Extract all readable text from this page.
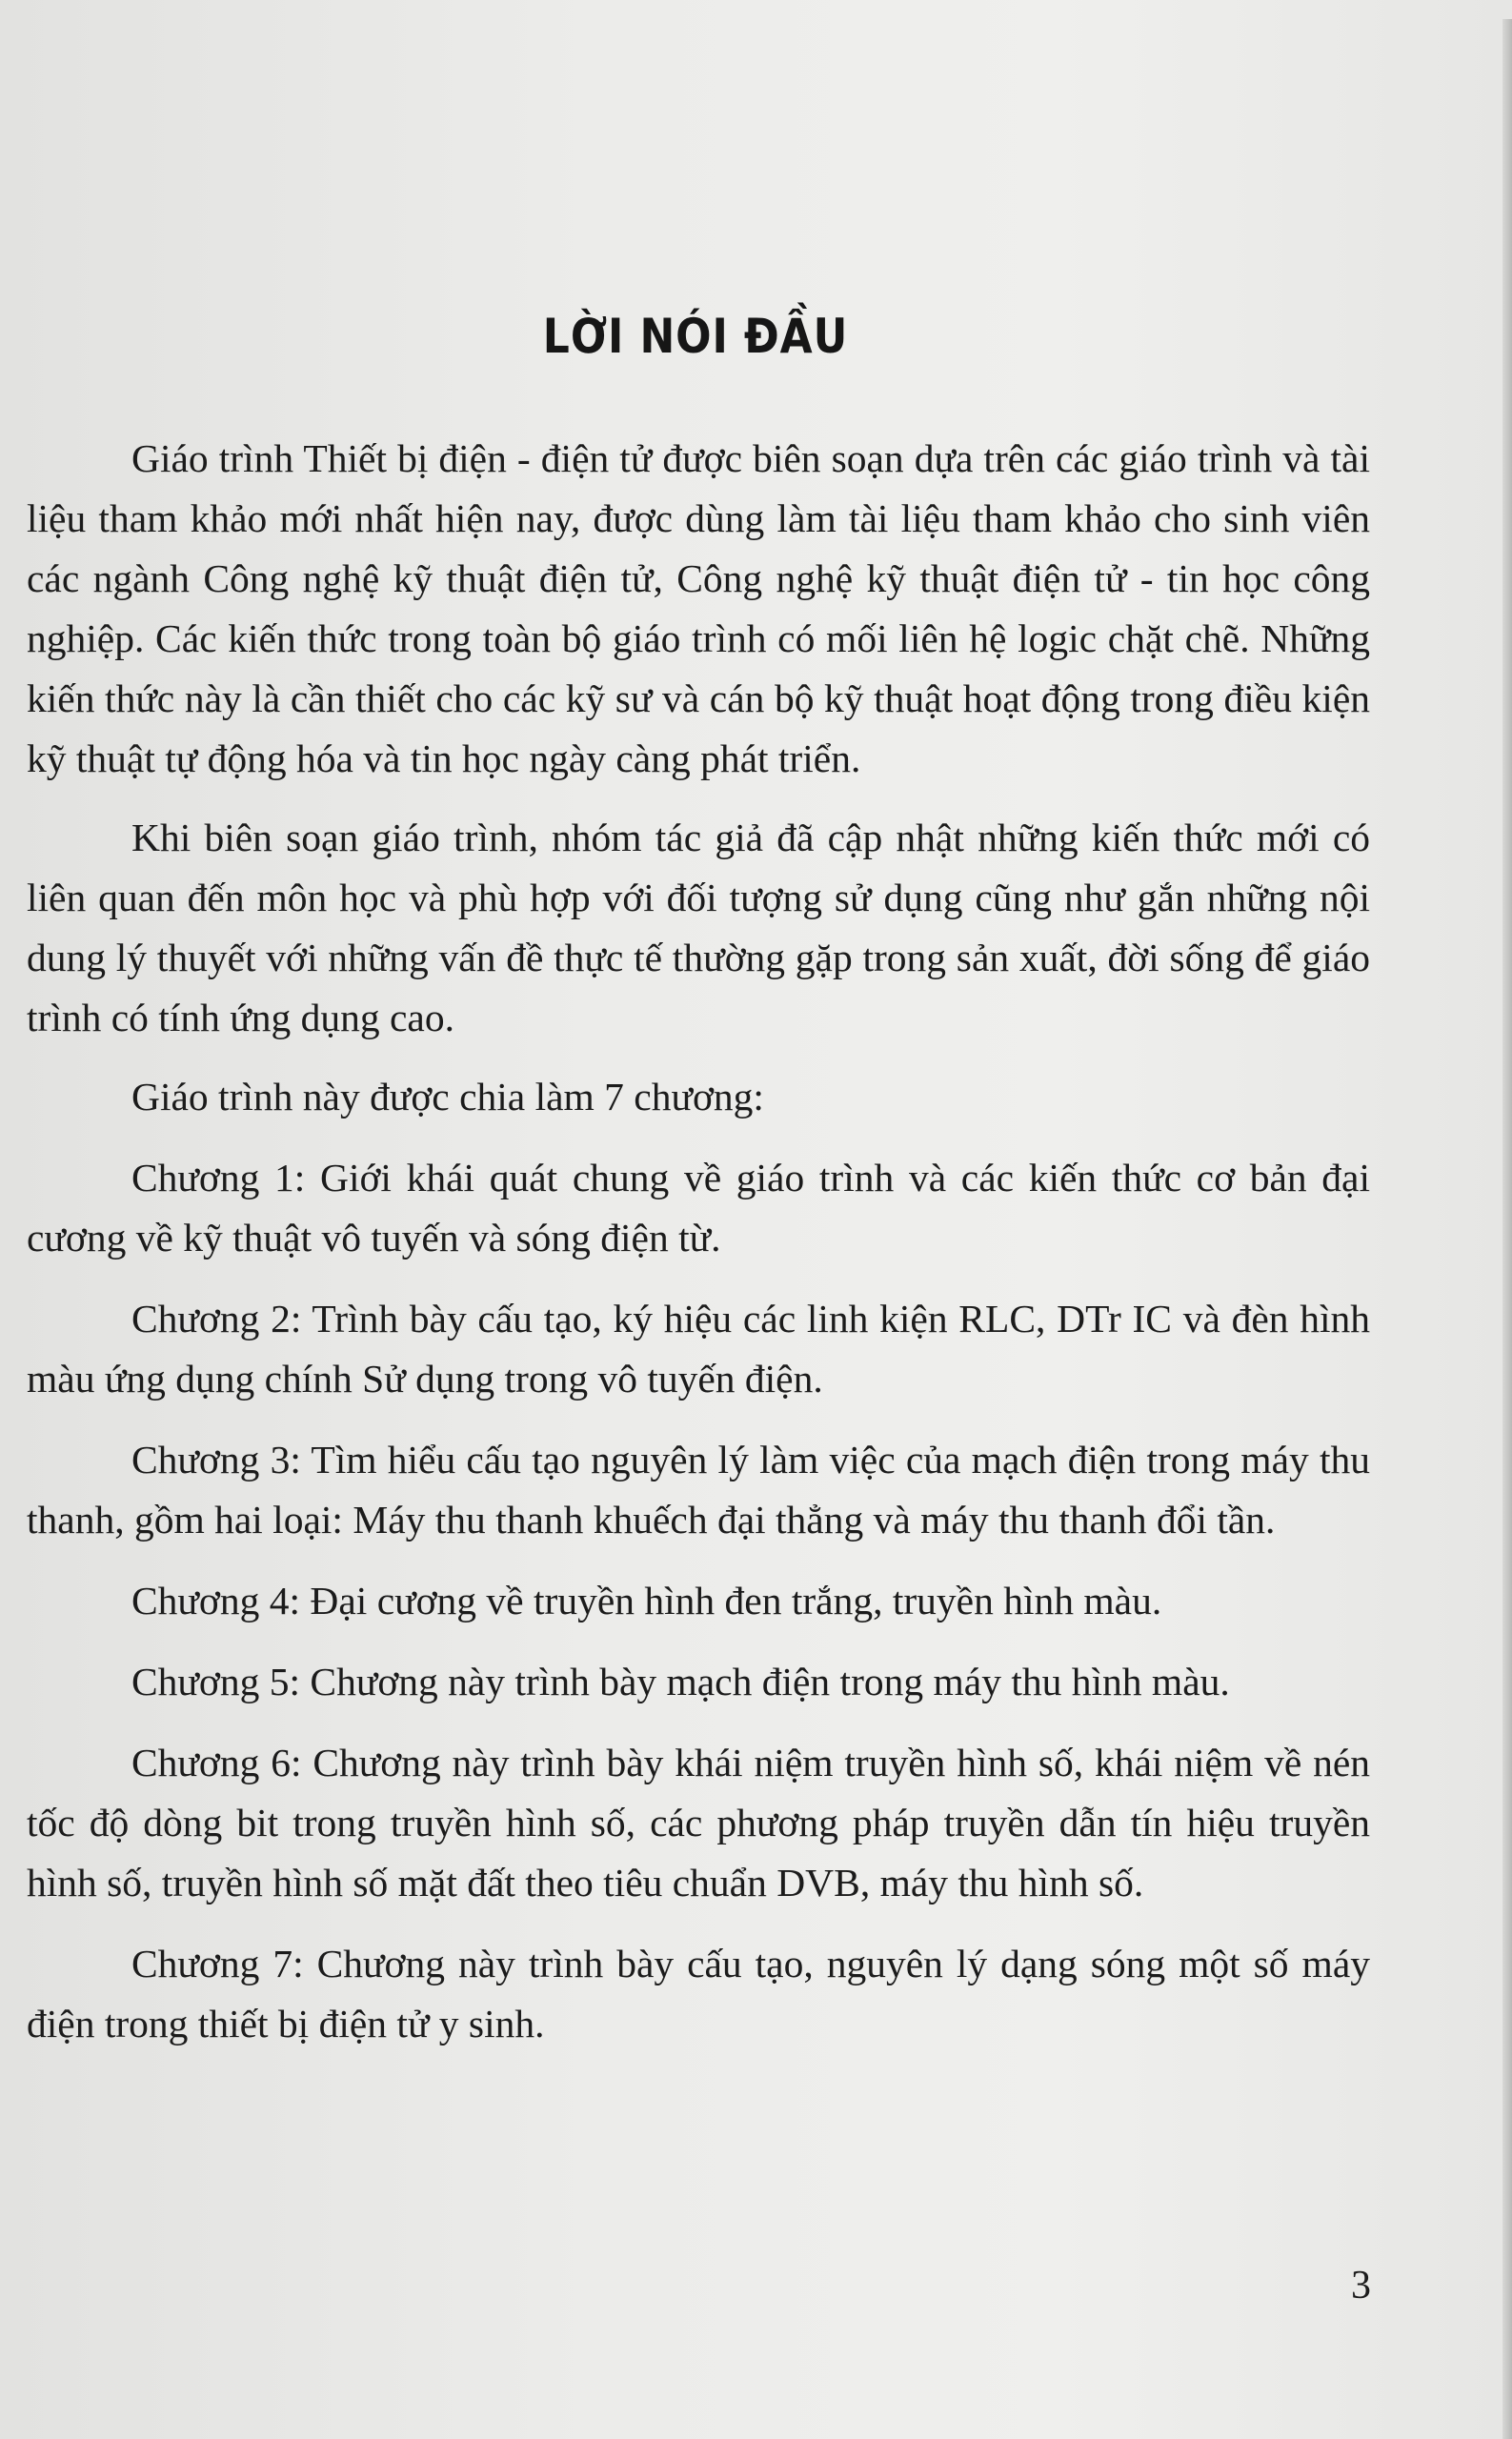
LỜI NÓI ĐẦU

Giáo trình Thiết bị điện - điện tử được biên soạn dựa trên các giáo trình và tài liệu tham khảo mới nhất hiện nay, được dùng làm tài liệu tham khảo cho sinh viên các ngành Công nghệ kỹ thuật điện tử, Công nghệ kỹ thuật điện tử - tin học công nghiệp. Các kiến thức trong toàn bộ giáo trình có mối liên hệ logic chặt chẽ. Những kiến thức này là cần thiết cho các kỹ sư và cán bộ kỹ thuật hoạt động trong điều kiện kỹ thuật tự động hóa và tin học ngày càng phát triển.

Khi biên soạn giáo trình, nhóm tác giả đã cập nhật những kiến thức mới có liên quan đến môn học và phù hợp với đối tượng sử dụng cũng như gắn những nội dung lý thuyết với những vấn đề thực tế thường gặp trong sản xuất, đời sống để giáo trình có tính ứng dụng cao.

Giáo trình này được chia làm 7 chương:

Chương 1: Giới khái quát chung về giáo trình và các kiến thức cơ bản đại cương về kỹ thuật vô tuyến và sóng điện từ.

Chương 2: Trình bày cấu tạo, ký hiệu các linh kiện RLC, DTr IC và đèn hình màu ứng dụng chính Sử dụng trong vô tuyến điện.

Chương 3: Tìm hiểu cấu tạo nguyên lý làm việc của mạch điện trong máy thu thanh, gồm hai loại: Máy thu thanh khuếch đại thẳng và máy thu thanh đổi tần.

Chương 4: Đại cương về truyền hình đen trắng, truyền hình màu.

Chương 5: Chương này trình bày mạch điện trong máy thu hình màu.

Chương 6: Chương này trình bày khái niệm truyền hình số, khái niệm về nén tốc độ dòng bit trong truyền hình số, các phương pháp truyền dẫn tín hiệu truyền hình số, truyền hình số mặt đất theo tiêu chuẩn DVB, máy thu hình số.

Chương 7: Chương này trình bày cấu tạo, nguyên lý dạng sóng một số máy điện trong thiết bị điện tử y sinh.

3
